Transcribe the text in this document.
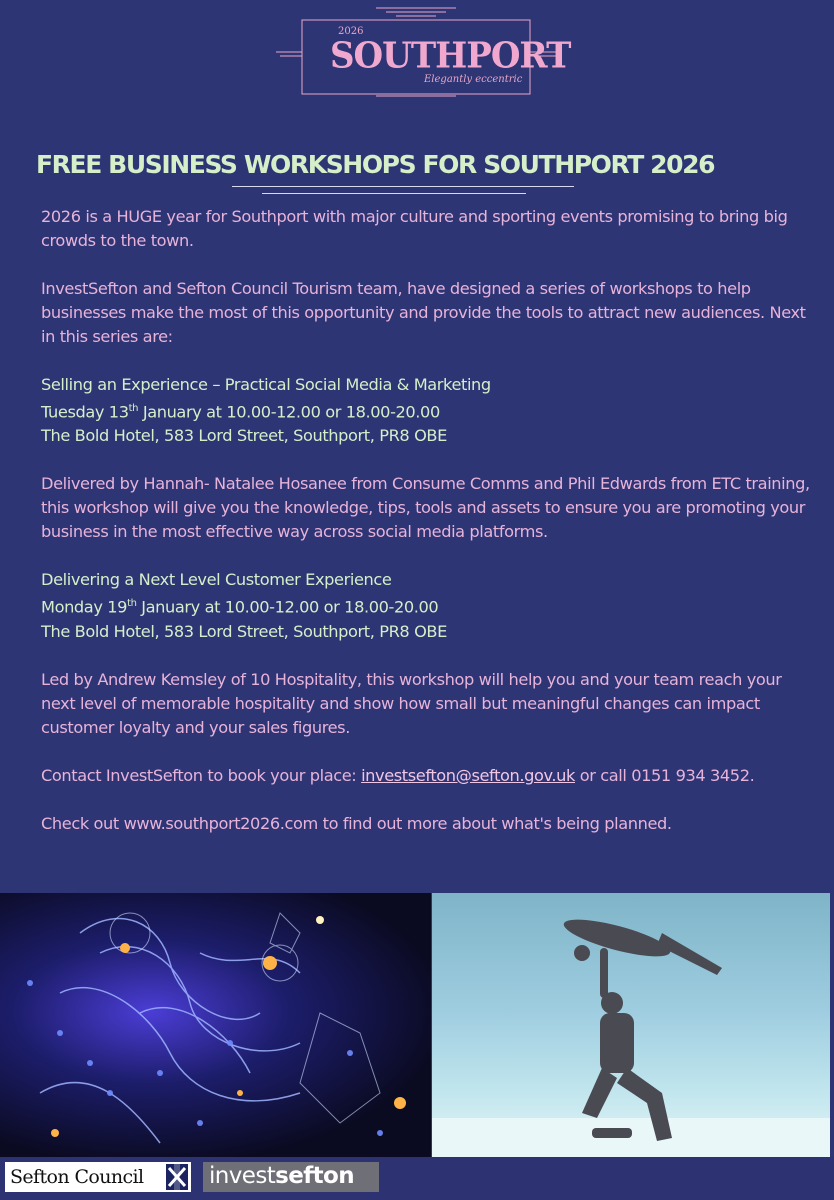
2026
SOUTHPORT
Elegantly eccentric
FREE BUSINESS WORKSHOPS FOR SOUTHPORT 2026

2026 is a HUGE year for Southport with major culture and sporting events promising to bring big crowds to the town.

InvestSefton and Sefton Council Tourism team, have designed a series of workshops to help businesses make the most of this opportunity and provide the tools to attract new audiences. Next in this series are:

Selling an Experience – Practical Social Media & Marketing
Tuesday 13th January at 10.00-12.00 or 18.00-20.00
The Bold Hotel, 583 Lord Street, Southport, PR8 OBE

Delivered by Hannah- Natalee Hosanee from Consume Comms and Phil Edwards from ETC training, this workshop will give you the knowledge, tips, tools and assets to ensure you are promoting your business in the most effective way across social media platforms.

Delivering a Next Level Customer Experience
Monday 19th January at 10.00-12.00 or 18.00-20.00
The Bold Hotel, 583 Lord Street, Southport, PR8 OBE

Led by Andrew Kemsley of 10 Hospitality, this workshop will help you and your team reach your next level of memorable hospitality and show how small but meaningful changes can impact customer loyalty and your sales figures.

Contact InvestSefton to book your place: investsefton@sefton.gov.uk or call 0151 934 3452.

Check out www.southport2026.com to find out more about what's being planned.

Sefton Council	investsefton
